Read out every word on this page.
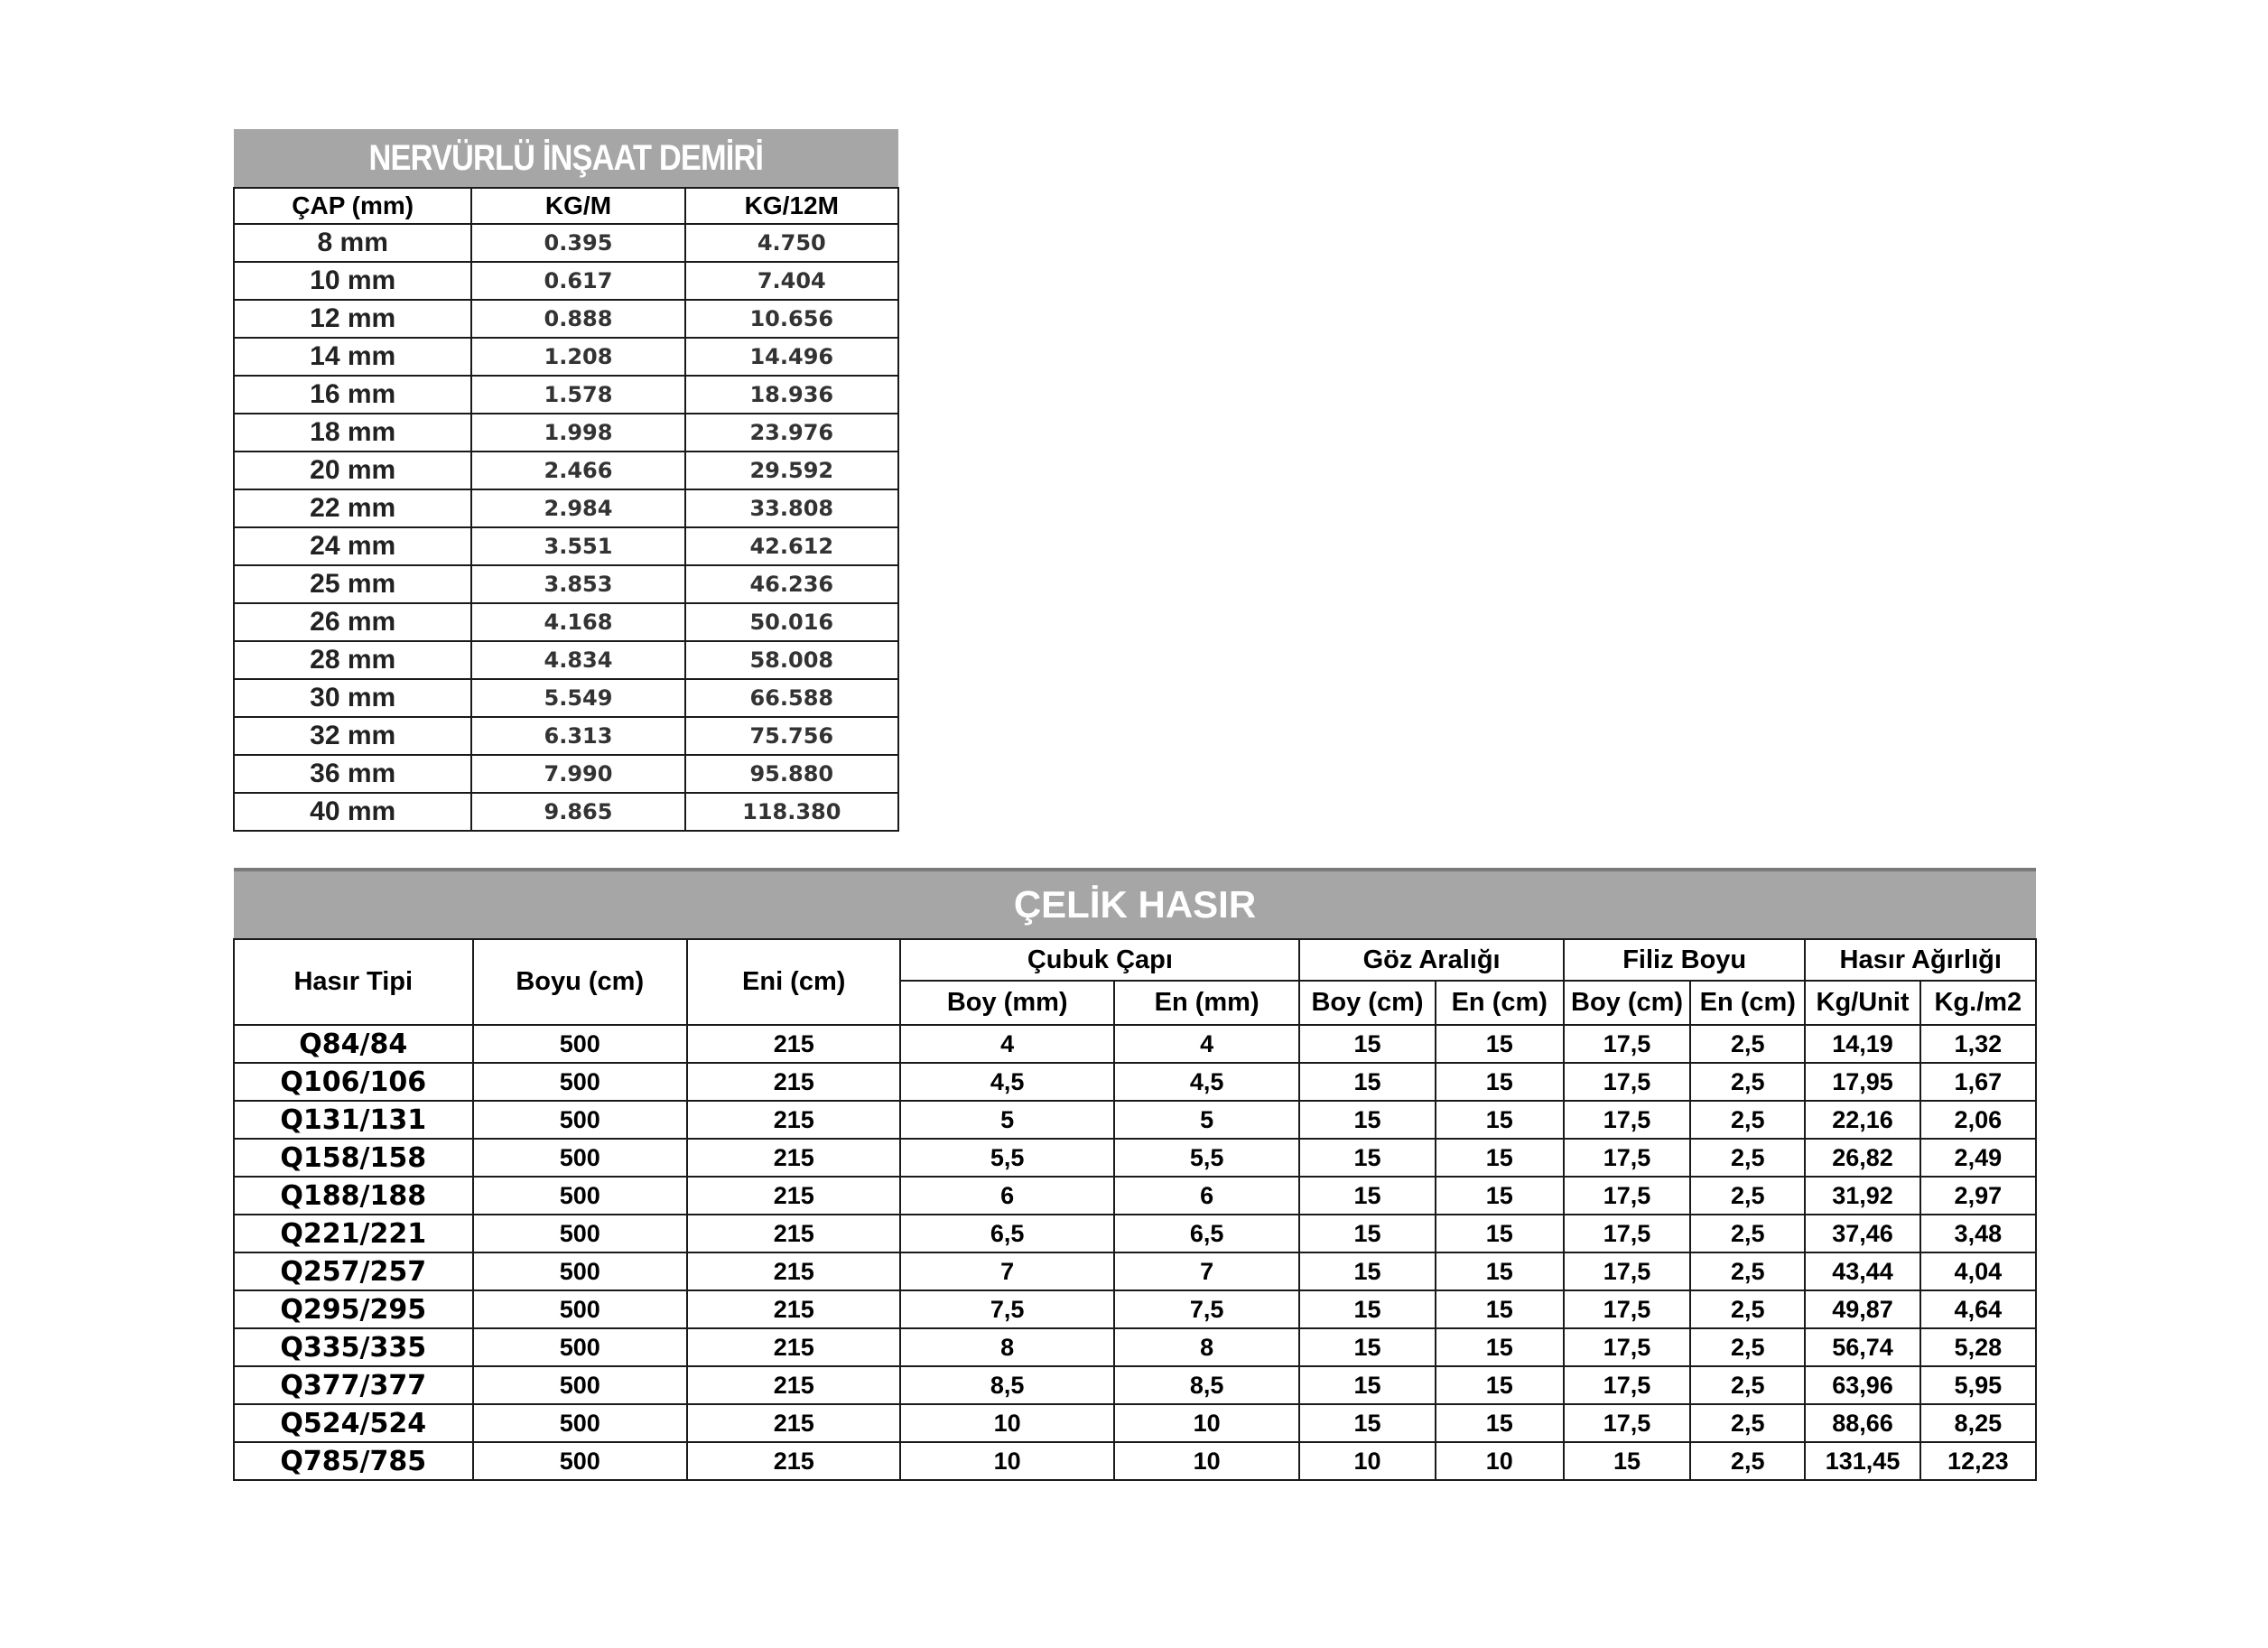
NERVÜRLÜ İNŞAAT DEMİRİ		
ÇAP (mm)	KG/M	KG/12M
8 mm	0.395	4.750
10 mm	0.617	7.404
12 mm	0.888	10.656
14 mm	1.208	14.496
16 mm	1.578	18.936
18 mm	1.998	23.976
20 mm	2.466	29.592
22 mm	2.984	33.808
24 mm	3.551	42.612
25 mm	3.853	46.236
26 mm	4.168	50.016
28 mm	4.834	58.008
30 mm	5.549	66.588
32 mm	6.313	75.756
36 mm	7.990	95.880
40 mm	9.865	118.380
ÇELİK HASIR										
Hasır Tipi	Boyu (cm)	Eni (cm)	Çubuk Çapı		Göz Aralığı		Filiz Boyu		Hasır Ağırlığı	
			Boy (mm)	En (mm)	Boy (cm)	En (cm)	Boy (cm)	En (cm)	Kg/Unit	Kg./m2
Q84/84	500	215	4	4	15	15	17,5	2,5	14,19	1,32
Q106/106	500	215	4,5	4,5	15	15	17,5	2,5	17,95	1,67
Q131/131	500	215	5	5	15	15	17,5	2,5	22,16	2,06
Q158/158	500	215	5,5	5,5	15	15	17,5	2,5	26,82	2,49
Q188/188	500	215	6	6	15	15	17,5	2,5	31,92	2,97
Q221/221	500	215	6,5	6,5	15	15	17,5	2,5	37,46	3,48
Q257/257	500	215	7	7	15	15	17,5	2,5	43,44	4,04
Q295/295	500	215	7,5	7,5	15	15	17,5	2,5	49,87	4,64
Q335/335	500	215	8	8	15	15	17,5	2,5	56,74	5,28
Q377/377	500	215	8,5	8,5	15	15	17,5	2,5	63,96	5,95
Q524/524	500	215	10	10	15	15	17,5	2,5	88,66	8,25
Q785/785	500	215	10	10	10	10	15	2,5	131,45	12,23
